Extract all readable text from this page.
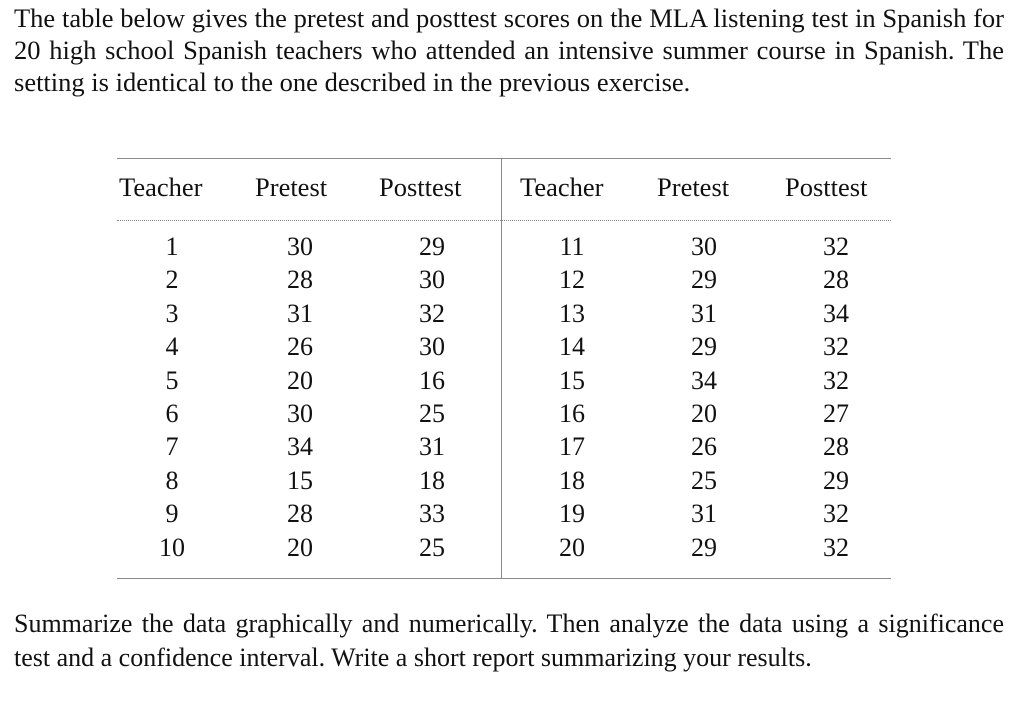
The table below gives the pretest and posttest scores on the MLA listening test in Spanish for 20 high school Spanish teachers who attended an intensive summer course in Spanish. The setting is identical to the one described in the previous exercise.

Teacher Pretest Posttest Teacher Pretest Posttest
1	30	29	11	30	32
2	28	30	12	29	28
3	31	32	13	31	34
4	26	30	14	29	32
5	20	16	15	34	32
6	30	25	16	20	27
7	34	31	17	26	28
8	15	18	18	25	29
9	28	33	19	31	32
10	20	25	20	29	32

Summarize the data graphically and numerically. Then analyze the data using a significance test and a confidence interval. Write a short report summarizing your results.
